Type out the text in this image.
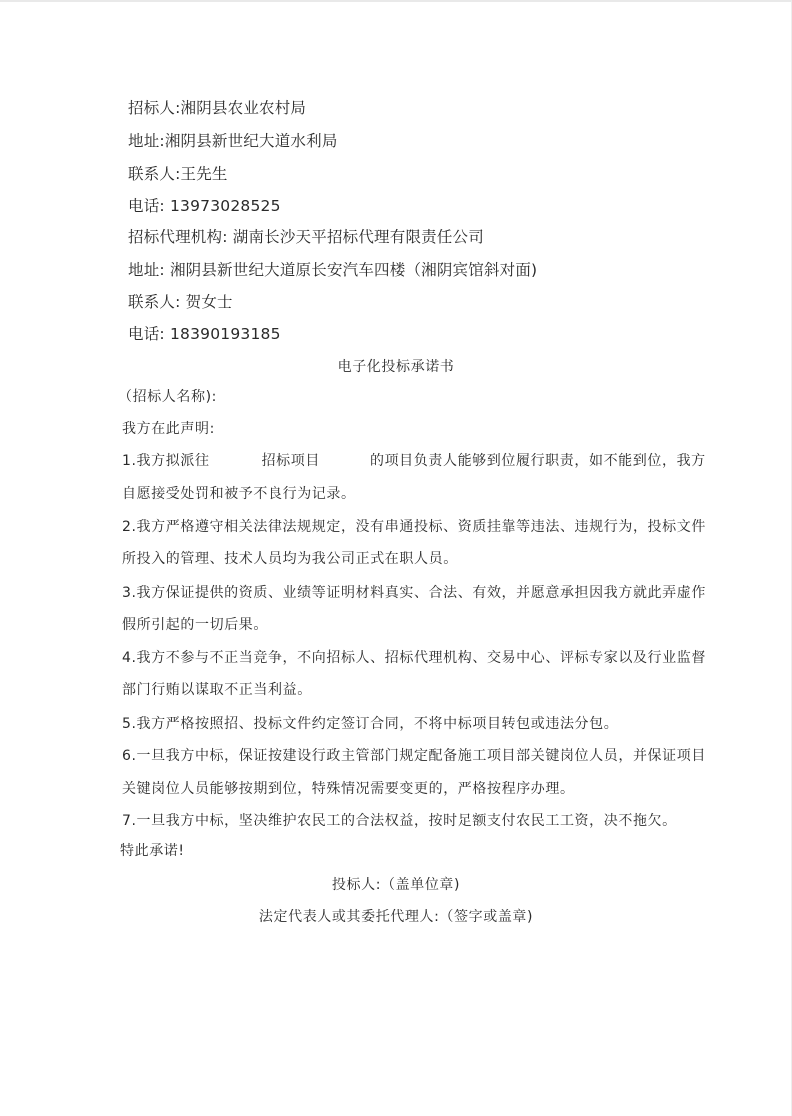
招标人:湘阴县农业农村局
地址:湘阴县新世纪大道水利局
联系人:王先生
电话: 13973028525
招标代理机构: 湖南长沙天平招标代理有限责任公司
地址: 湘阴县新世纪大道原长安汽车四楼（湘阴宾馆斜对面)
联系人: 贺女士
电话: 18390193185
电子化投标承诺书
（招标人名称):
我方在此声明:
1.我方拟派往	招标项目	的项目负责人能够到位履行职责，如不能到位，我方
自愿接受处罚和被予不良行为记录。
2.我方严格遵守相关法律法规规定，没有串通投标、资质挂靠等违法、违规行为，投标文件
所投入的管理、技术人员均为我公司正式在职人员。
3.我方保证提供的资质、业绩等证明材料真实、合法、有效，并愿意承担因我方就此弄虚作
假所引起的一切后果。
4.我方不参与不正当竞争，不向招标人、招标代理机构、交易中心、评标专家以及行业监督
部门行贿以谋取不正当利益。
5.我方严格按照招、投标文件约定签订合同，不将中标项目转包或违法分包。
6.一旦我方中标，保证按建设行政主管部门规定配备施工项目部关键岗位人员，并保证项目
关键岗位人员能够按期到位，特殊情况需要变更的，严格按程序办理。
7.一旦我方中标，坚决维护农民工的合法权益，按时足额支付农民工工资，决不拖欠。
特此承诺!
投标人:（盖单位章)
法定代表人或其委托代理人:（签字或盖章)
